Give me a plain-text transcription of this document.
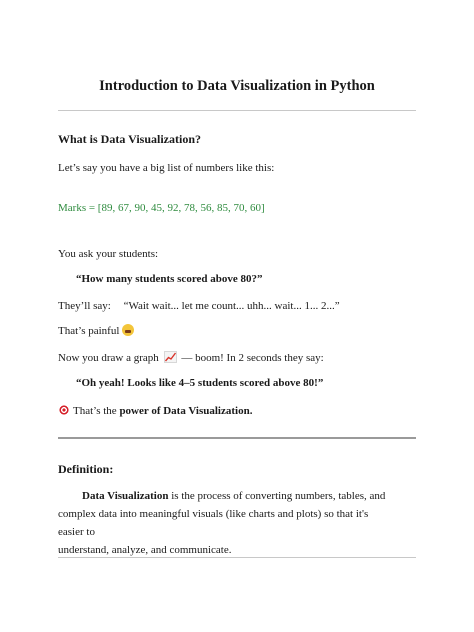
Introduction to Data Visualization in Python
What is Data Visualization?
Let’s say you have a big list of numbers like this:
Marks = [89, 67, 90, 45, 92, 78, 56, 85, 70, 60]
You ask your students:
“How many students scored above 80?”
They’ll say: “Wait wait... let me count... uhh... wait... 1... 2...”
That’s painful
Now you draw a graph — boom! In 2 seconds they say:
“Oh yeah! Looks like 4–5 students scored above 80!”
That’s the power of Data Visualization.
Definition:
Data Visualization is the process of converting numbers, tables, and
complex data into meaningful visuals (like charts and plots) so that it's easier to
understand, analyze, and communicate.
